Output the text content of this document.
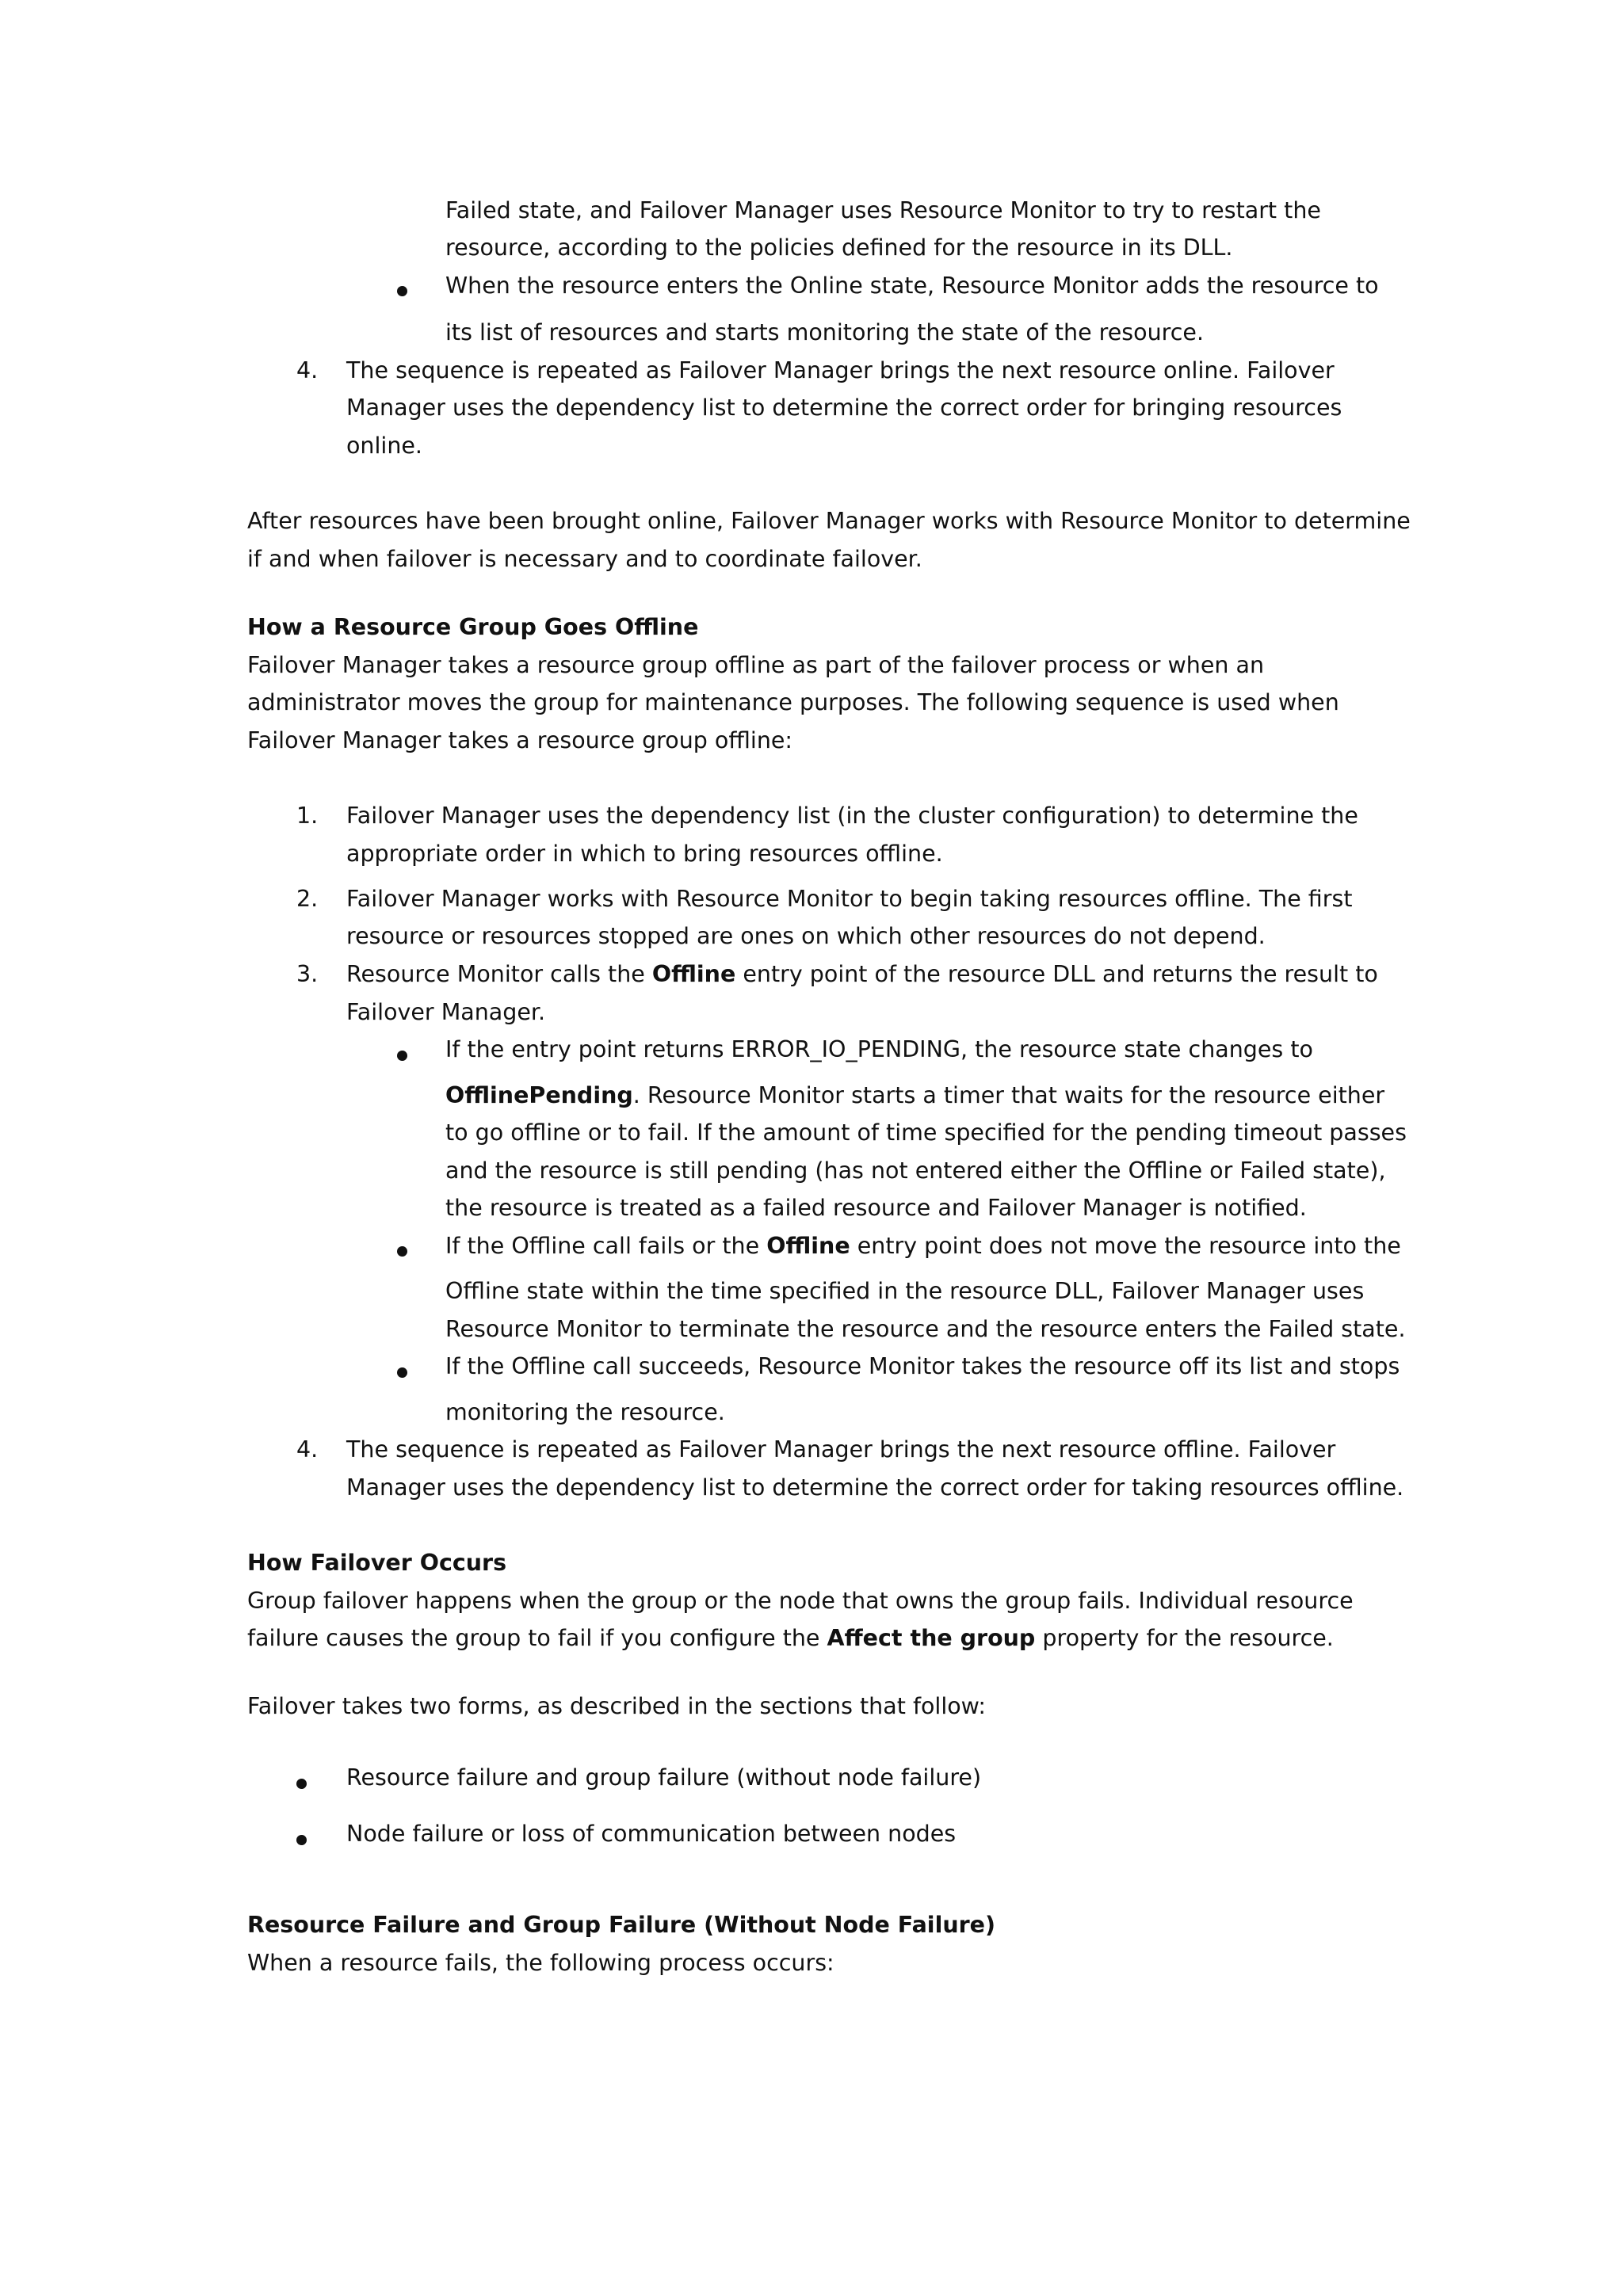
Failed state, and Failover Manager uses Resource Monitor to try to restart the

resource, according to the policies defined for the resource in its DLL.

When the resource enters the Online state, Resource Monitor adds the resource to

its list of resources and starts monitoring the state of the resource.

4. The sequence is repeated as Failover Manager brings the next resource online. Failover

Manager uses the dependency list to determine the correct order for bringing resources

online.

After resources have been brought online, Failover Manager works with Resource Monitor to determine

if and when failover is necessary and to coordinate failover.

How a Resource Group Goes Offline

Failover Manager takes a resource group offline as part of the failover process or when an

administrator moves the group for maintenance purposes. The following sequence is used when

Failover Manager takes a resource group offline:

1. Failover Manager uses the dependency list (in the cluster configuration) to determine the

appropriate order in which to bring resources offline.

2. Failover Manager works with Resource Monitor to begin taking resources offline. The first

resource or resources stopped are ones on which other resources do not depend.

3. Resource Monitor calls the Offline entry point of the resource DLL and returns the result to

Failover Manager.

If the entry point returns ERROR_IO_PENDING, the resource state changes to

OfflinePending. Resource Monitor starts a timer that waits for the resource either

to go offline or to fail. If the amount of time specified for the pending timeout passes

and the resource is still pending (has not entered either the Offline or Failed state),

the resource is treated as a failed resource and Failover Manager is notified.

If the Offline call fails or the Offline entry point does not move the resource into the

Offline state within the time specified in the resource DLL, Failover Manager uses

Resource Monitor to terminate the resource and the resource enters the Failed state.

If the Offline call succeeds, Resource Monitor takes the resource off its list and stops

monitoring the resource.

4. The sequence is repeated as Failover Manager brings the next resource offline. Failover

Manager uses the dependency list to determine the correct order for taking resources offline.

How Failover Occurs

Group failover happens when the group or the node that owns the group fails. Individual resource

failure causes the group to fail if you configure the Affect the group property for the resource.

Failover takes two forms, as described in the sections that follow:

Resource failure and group failure (without node failure)

Node failure or loss of communication between nodes

Resource Failure and Group Failure (Without Node Failure)

When a resource fails, the following process occurs:
